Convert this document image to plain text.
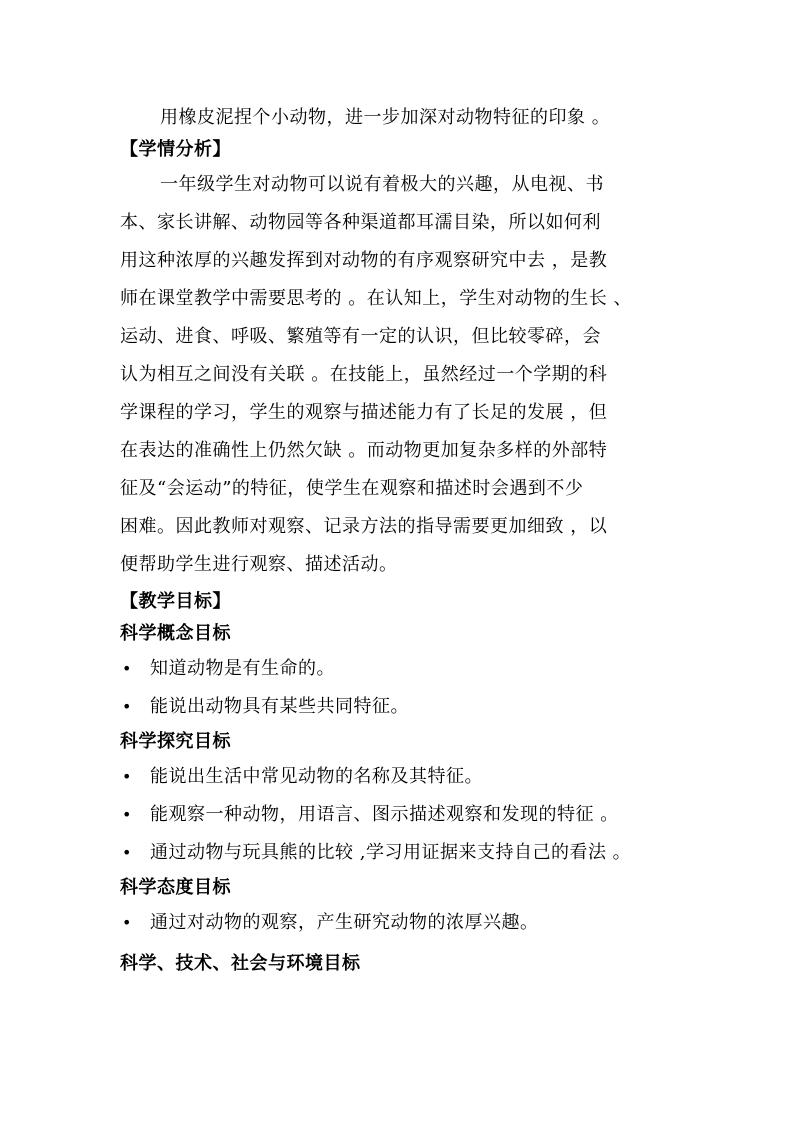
用橡皮泥捏个小动物，进一步加深对动物特征的印象 。
【学情分析】
一年级学生对动物可以说有着极大的兴趣，从电视、书
本、家长讲解、动物园等各种渠道都耳濡目染，所以如何利
用这种浓厚的兴趣发挥到对动物的有序观察研究中去 ，是教
师在课堂教学中需要思考的 。在认知上，学生对动物的生长 、
运动、进食、呼吸、繁殖等有一定的认识，但比较零碎，会
认为相互之间没有关联 。在技能上，虽然经过一个学期的科
学课程的学习，学生的观察与描述能力有了长足的发展 ，但
在表达的准确性上仍然欠缺 。而动物更加复杂多样的外部特
征及“会运动”的特征，使学生在观察和描述时会遇到不少
困难。因此教师对观察、记录方法的指导需要更加细致 ，以
便帮助学生进行观察、描述活动。
【教学目标】
科学概念目标
• 知道动物是有生命的。
• 能说出动物具有某些共同特征。
科学探究目标
• 能说出生活中常见动物的名称及其特征。
• 能观察一种动物，用语言、图示描述观察和发现的特征 。
• 通过动物与玩具熊的比较 ,学习用证据来支持自己的看法 。
科学态度目标
• 通过对动物的观察，产生研究动物的浓厚兴趣。
科学、技术、社会与环境目标
